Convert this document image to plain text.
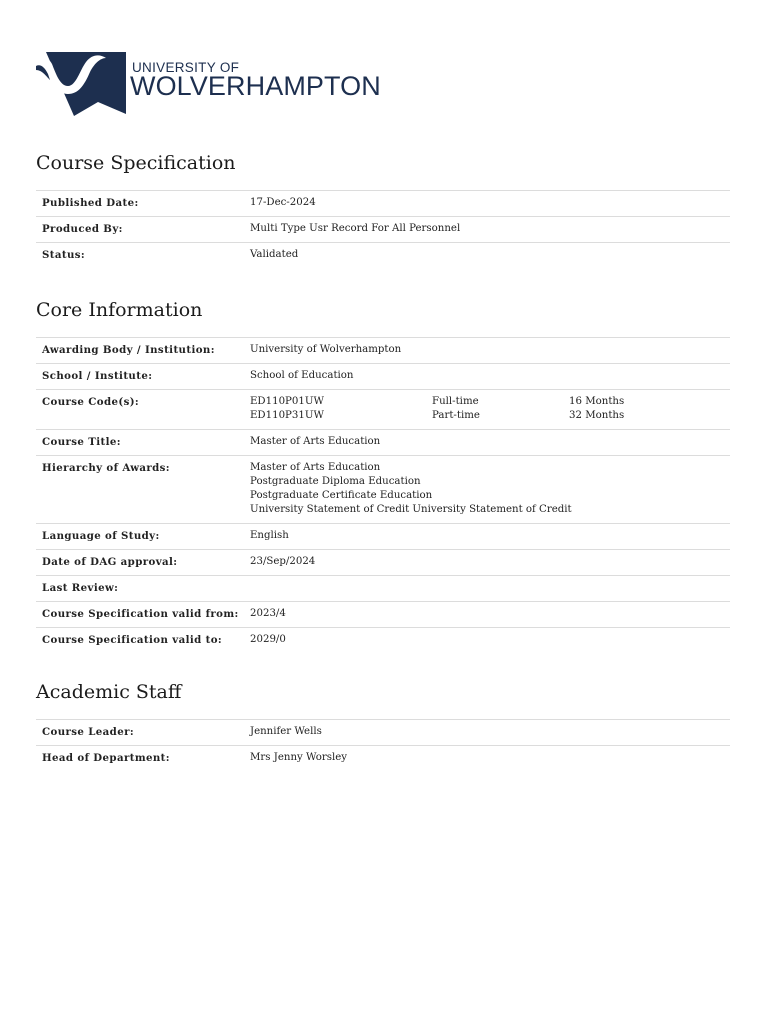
UNIVERSITY OF
WOLVERHAMPTON
Course Specification
Published Date:	17-Dec-2024
Produced By:	Multi Type Usr Record For All Personnel
Status:	Validated
Core Information
Awarding Body / Institution:	University of Wolverhampton
School / Institute:	School of Education
Course Code(s):	ED110P01UW	Full-time	16 Months
ED110P31UW	Part-time	32 Months
Course Title:	Master of Arts Education
Hierarchy of Awards:	Master of Arts Education
Postgraduate Diploma Education
Postgraduate Certificate Education
University Statement of Credit University Statement of Credit
Language of Study:	English
Date of DAG approval:	23/Sep/2024
Last Review:
Course Specification valid from:	2023/4
Course Specification valid to:	2029/0
Academic Staff
Course Leader:	Jennifer Wells
Head of Department:	Mrs Jenny Worsley
